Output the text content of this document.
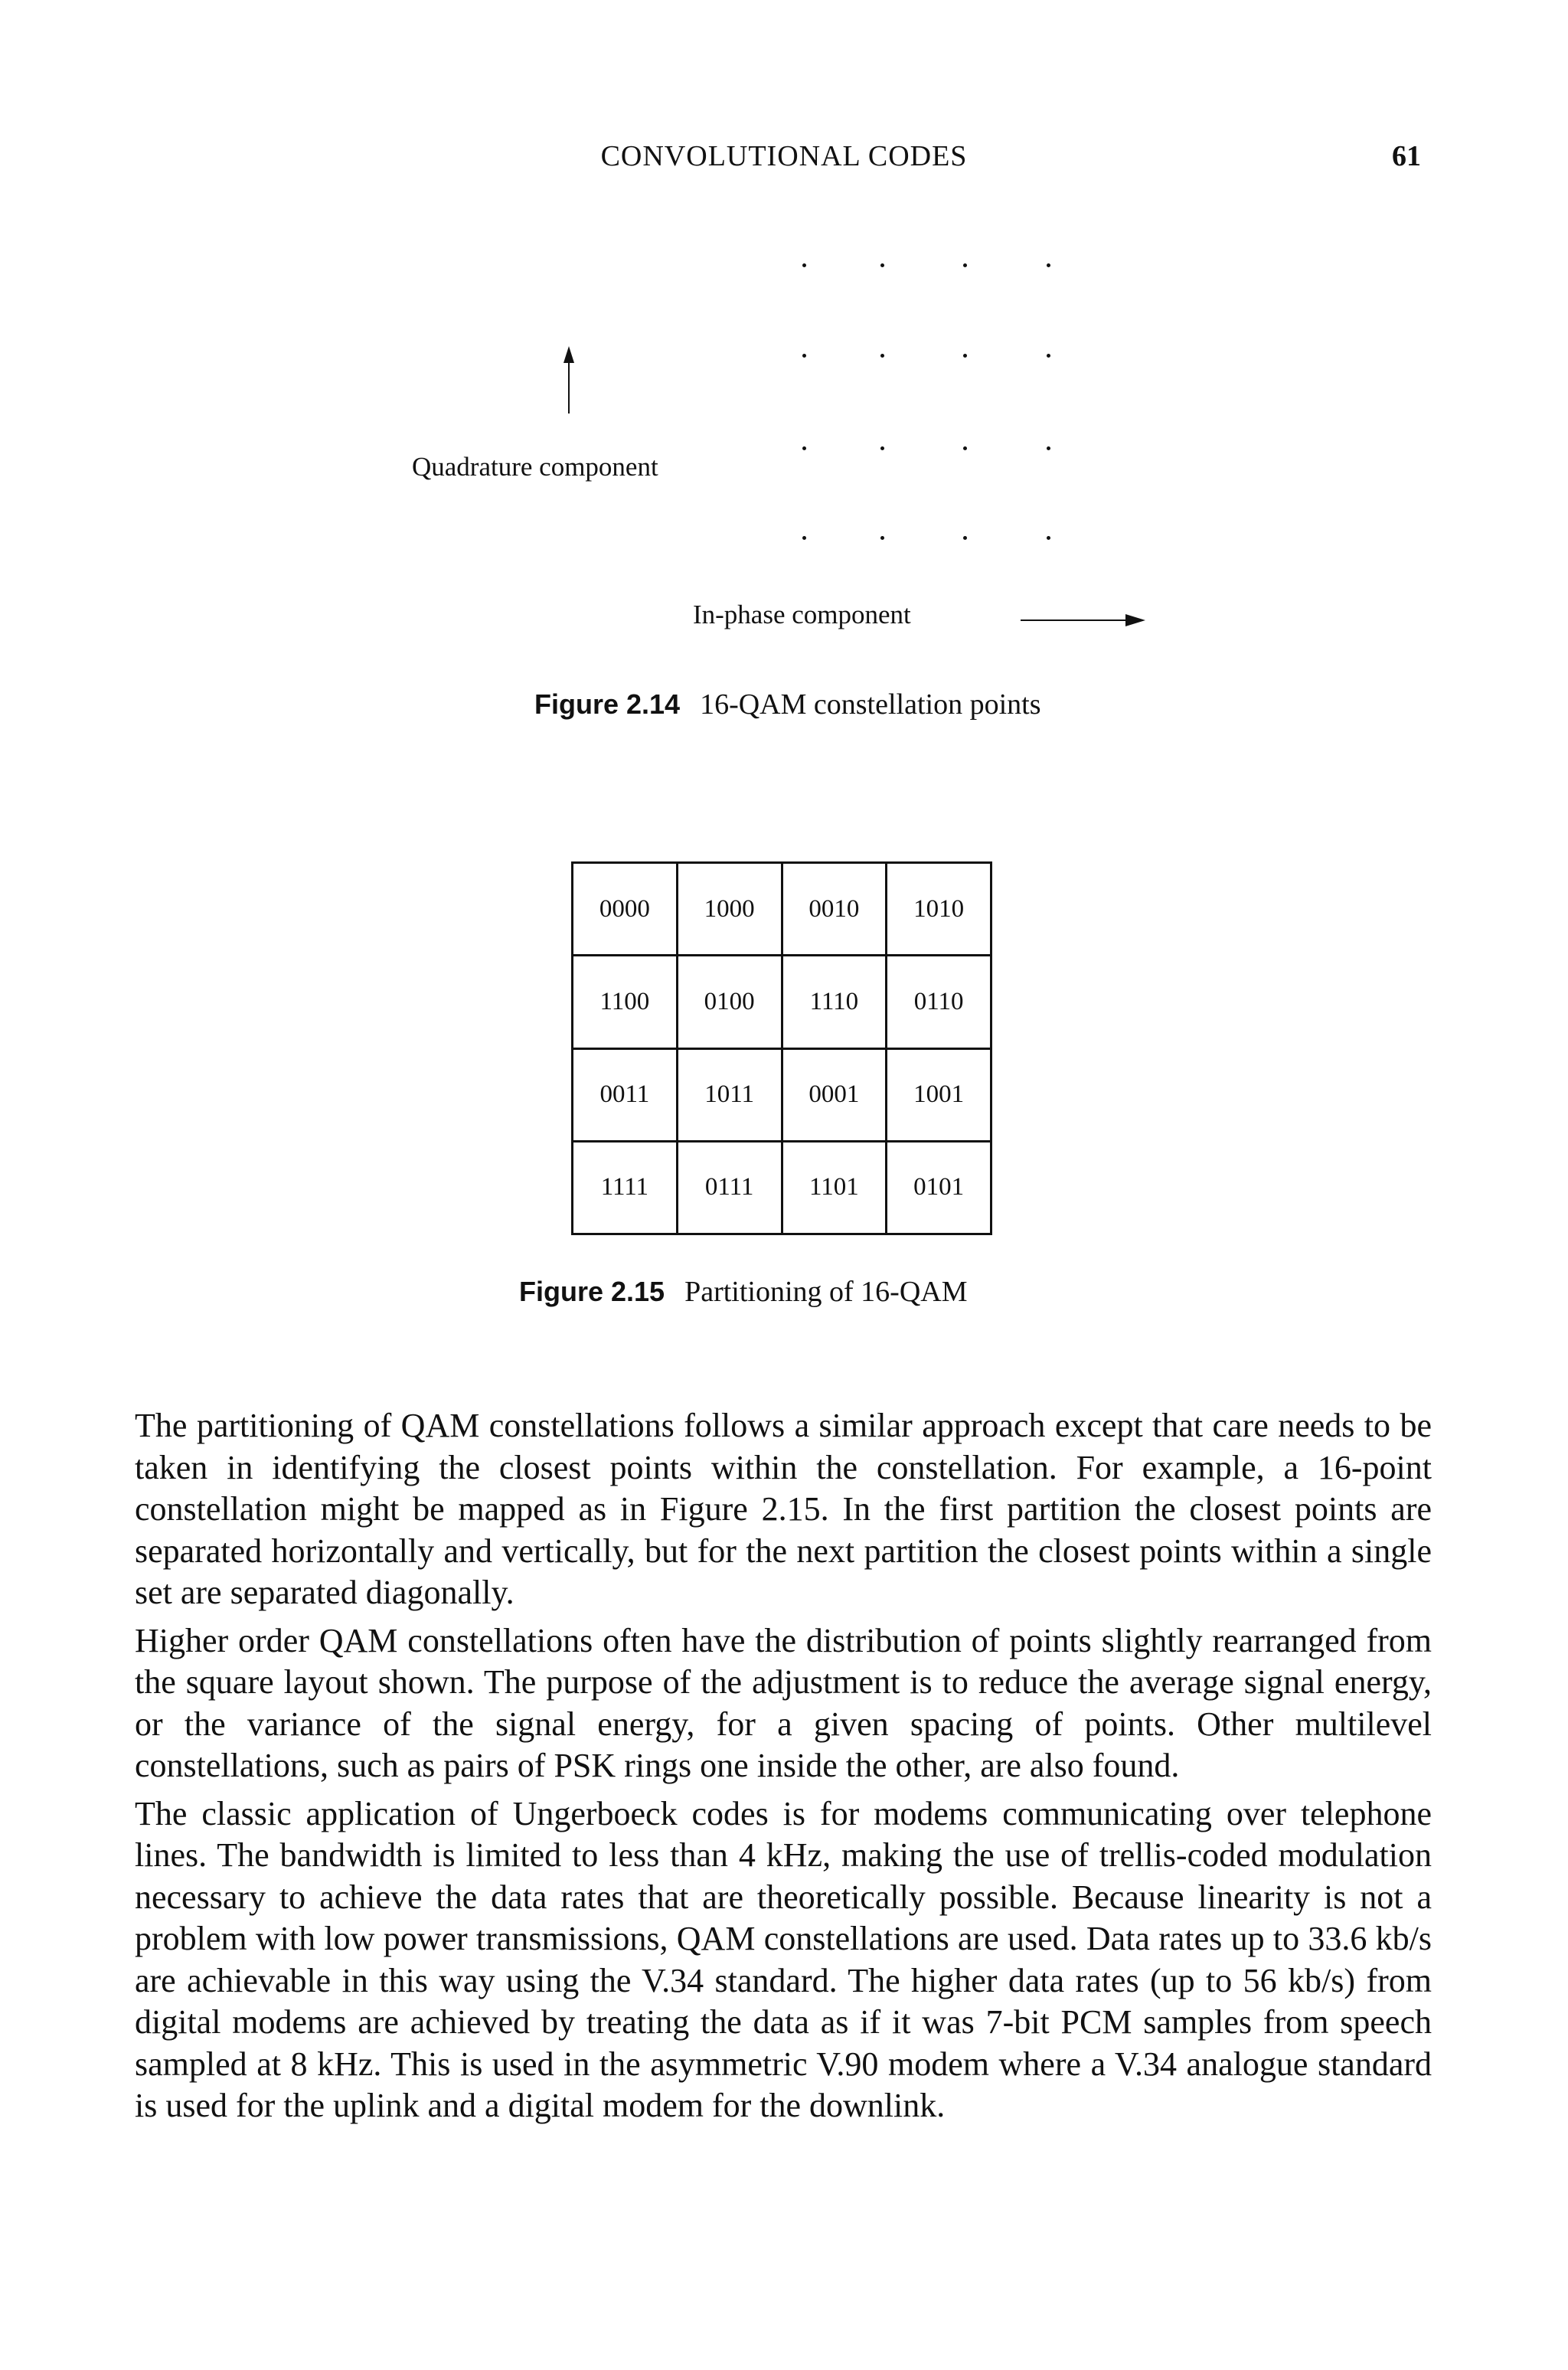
CONVOLUTIONAL CODES	61
Quadrature component
In-phase component
Figure 2.14 16-QAM constellation points
0000	1000	0010	1010
1100	0100	1110	0110
0011	1011	0001	1001
1111	0111	1101	0101
Figure 2.15 Partitioning of 16-QAM

The partitioning of QAM constellations follows a similar approach except that care needs to be taken in identifying the closest points within the constellation. For example, a 16-point constellation might be mapped as in Figure 2.15. In the first partition the closest points are separated horizontally and vertically, but for the next partition the closest points within a single set are separated diagonally.

Higher order QAM constellations often have the distribution of points slightly rearranged from the square layout shown. The purpose of the adjustment is to reduce the average signal energy, or the variance of the signal energy, for a given spacing of points. Other multilevel constellations, such as pairs of PSK rings one inside the other, are also found.

The classic application of Ungerboeck codes is for modems communicating over telephone lines. The bandwidth is limited to less than 4 kHz, making the use of trellis-coded modulation necessary to achieve the data rates that are theoretically possible. Because linearity is not a problem with low power transmissions, QAM constellations are used. Data rates up to 33.6 kb/s are achievable in this way using the V.34 standard. The higher data rates (up to 56 kb/s) from digital modems are achieved by treating the data as if it was 7-bit PCM samples from speech sampled at 8 kHz. This is used in the asymmetric V.90 modem where a V.34 analogue standard is used for the uplink and a digital modem for the downlink.
